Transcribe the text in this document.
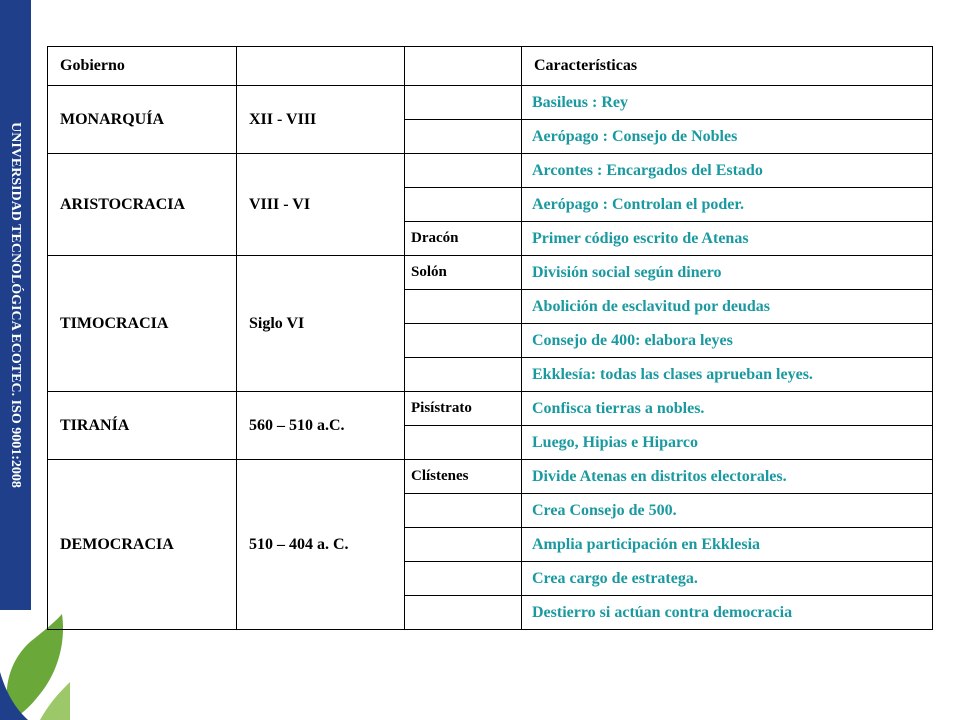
UNIVERSIDAD TECNOLÓGICA ECOTEC. ISO 9001:2008
Gobierno			Características
MONARQUÍA	XII - VIII		Basileus : Rey
			Aerópago : Consejo de Nobles
ARISTOCRACIA	VIII - VI		Arcontes : Encargados del Estado
			Aerópago : Controlan el poder.
		Dracón	Primer código escrito de Atenas
TIMOCRACIA	Siglo VI	Solón	División social según dinero
			Abolición de esclavitud por deudas
			Consejo de 400: elabora leyes
			Ekklesía: todas las clases aprueban leyes.
TIRANÍA	560 – 510 a.C.	Pisístrato	Confisca tierras a nobles.
			Luego, Hipias e Hiparco
DEMOCRACIA	510 – 404 a. C.	Clístenes	Divide Atenas en distritos electorales.
			Crea Consejo de 500.
			Amplia participación en Ekklesia
			Crea cargo de estratega.
			Destierro si actúan contra democracia
